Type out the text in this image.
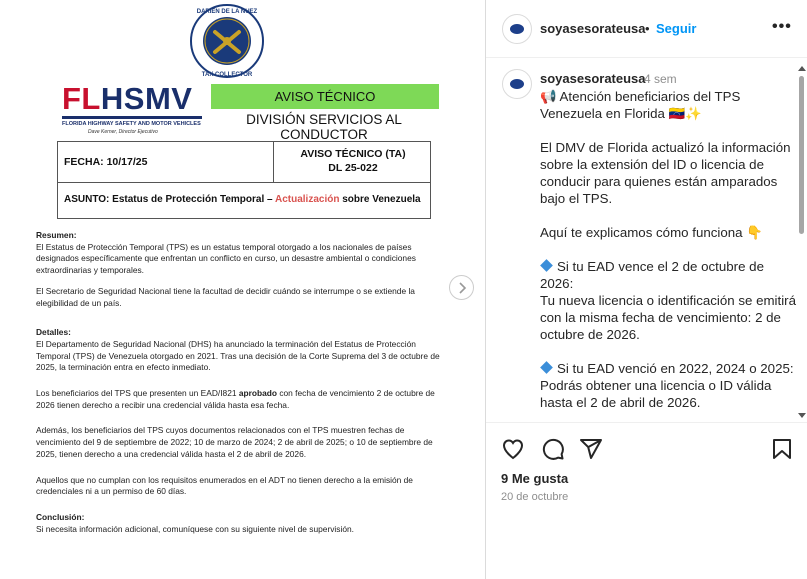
DARIEN DE LA NUEZ
TAX COLLECTOR
FLHSMV
FLORIDA HIGHWAY SAFETY AND MOTOR VEHICLES
Dave Kerner, Director Ejecutivo
AVISO TÉCNICO
DIVISIÓN SERVICIOS AL CONDUCTOR
FECHA: 10/17/25
AVISO TÉCNICO (TA)
DL 25-022
ASUNTO: Estatus de Protección Temporal – Actualización sobre Venezuela
Resumen:

El Estatus de Protección Temporal (TPS) es un estatus temporal otorgado a los nacionales de países designados específicamente que enfrentan un conflicto en curso, un desastre ambiental o condiciones extraordinarias y temporales.

El Secretario de Seguridad Nacional tiene la facultad de decidir cuándo se interrumpe o se extiende la elegibilidad de un país.

Detalles:

El Departamento de Seguridad Nacional (DHS) ha anunciado la terminación del Estatus de Protección Temporal (TPS) de Venezuela otorgado en 2021. Tras una decisión de la Corte Suprema del 3 de octubre de 2025, la terminación entra en efecto inmediato.

Los beneficiarios del TPS que presenten un EAD/I821 aprobado con fecha de vencimiento 2 de octubre de 2026 tienen derecho a recibir una credencial válida hasta esa fecha.

Además, los beneficiarios del TPS cuyos documentos relacionados con el TPS muestren fechas de vencimiento del 9 de septiembre de 2022; 10 de marzo de 2024; 2 de abril de 2025; o 10 de septiembre de 2025, tienen derecho a una credencial válida hasta el 2 de abril de 2026.

Aquellos que no cumplan con los requisitos enumerados en el ADT no tienen derecho a la emisión de credenciales ni a un permiso de 60 días.

Conclusión:

Si necesita información adicional, comuníquese con su siguiente nivel de supervisión.

soyasesorateusa • Seguir	•••
soyasesorateusa
4 sem

📢 Atención beneficiarios del TPS Venezuela en Florida 🇻🇪✨

El DMV de Florida actualizó la información sobre la extensión del ID o licencia de conducir para quienes están amparados bajo el TPS.

Aquí te explicamos cómo funciona 👇

Si tu EAD vence el 2 de octubre de 2026:
Tu nueva licencia o identificación se emitirá con la misma fecha de vencimiento: 2 de octubre de 2026.

Si tu EAD venció en 2022, 2024 o 2025:
Podrás obtener una licencia o ID válida hasta el 2 de abril de 2026.

9 Me gusta
20 de octubre
